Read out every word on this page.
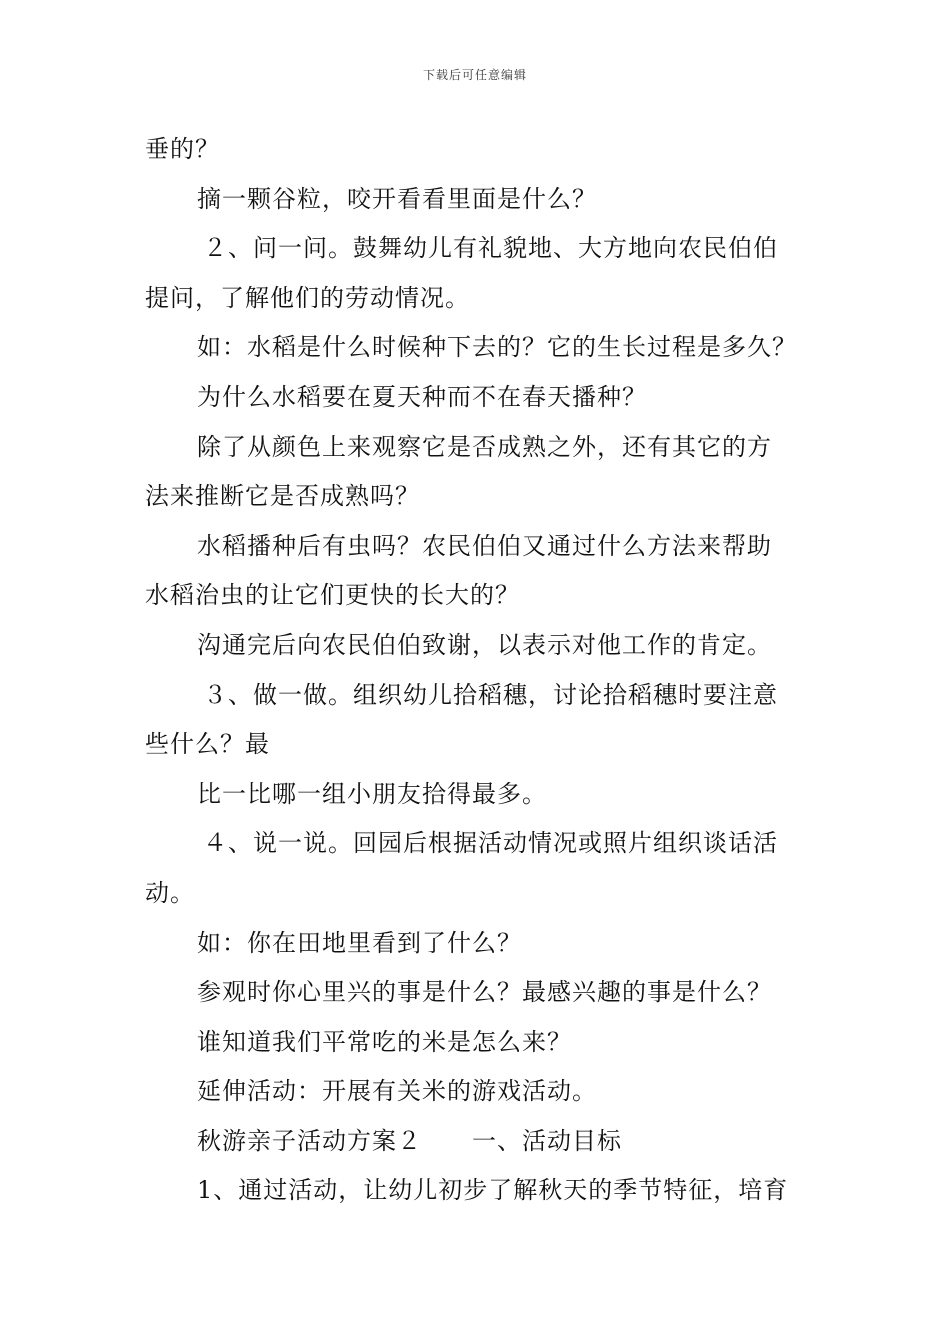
下载后可任意编辑
垂的？
摘一颗谷粒，咬开看看里面是什么？
２、问一问。鼓舞幼儿有礼貌地、大方地向农民伯伯
提问，了解他们的劳动情况。
如：水稻是什么时候种下去的？它的生长过程是多久？
为什么水稻要在夏天种而不在春天播种？
除了从颜色上来观察它是否成熟之外，还有其它的方
法来推断它是否成熟吗？
水稻播种后有虫吗？农民伯伯又通过什么方法来帮助
水稻治虫的让它们更快的长大的？
沟通完后向农民伯伯致谢，以表示对他工作的肯定。
３、做一做。组织幼儿拾稻穗，讨论拾稻穗时要注意
些什么？最
比一比哪一组小朋友拾得最多。
４、说一说。回园后根据活动情况或照片组织谈话活
动。
如：你在田地里看到了什么？
参观时你心里兴的事是什么？最感兴趣的事是什么？
谁知道我们平常吃的米是怎么来？
延伸活动：开展有关米的游戏活动。
秋游亲子活动方案２　　一、活动目标
1、通过活动，让幼儿初步了解秋天的季节特征，培育
